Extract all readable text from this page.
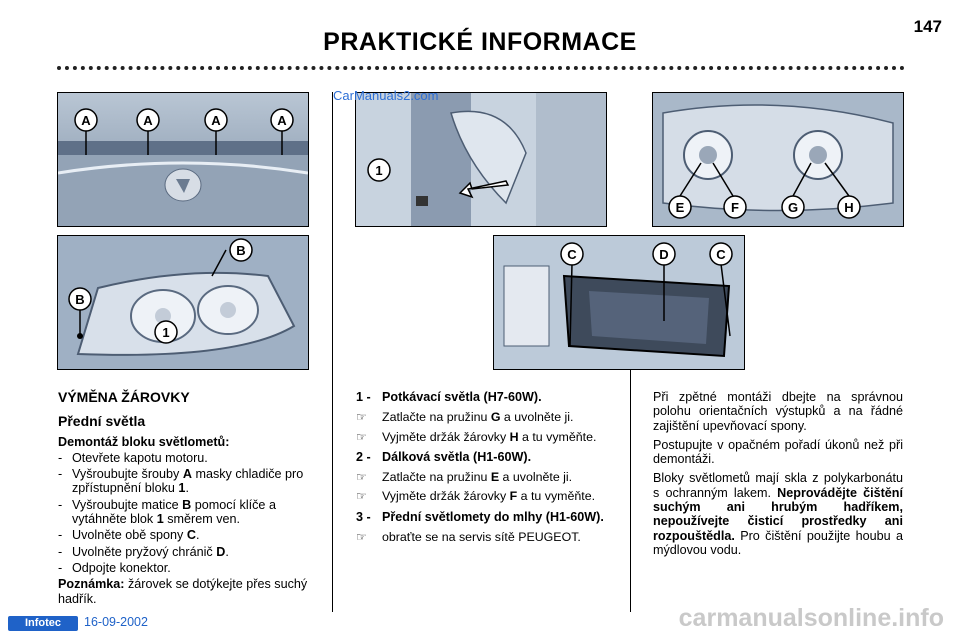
147
PRAKTICKÉ INFORMACE
A	A	A	A
B
B
1
1
E	F	G	H
C	D	C
CarManuals2.com
VÝMĚNA ŽÁROVKY
Přední světla
Demontáž bloku světlometů:
- Otevřete kapotu motoru.
- Vyšroubujte šrouby A masky chladiče pro zpřístupnění bloku 1.
- Vyšroubujte matice B pomocí klíče a vytáhněte blok 1 směrem ven.
- Uvolněte obě spony C.
- Uvolněte pryžový chránič D.
- Odpojte konektor.

Poznámka: žárovek se dotýkejte přes suchý hadřík.

1 - Potkávací světla (H7-60W).
☞	Zatlačte na pružinu G a uvolněte ji.
☞	Vyjměte držák žárovky H a tu vyměňte.
2 - Dálková světla (H1-60W).
☞	Zatlačte na pružinu E a uvolněte ji.
☞	Vyjměte držák žárovky F a tu vyměňte.
3 - Přední světlomety do mlhy (H1-60W).
☞	obraťte se na servis sítě PEUGEOT.

Při zpětné montáži dbejte na správnou polohu orientačních výstupků a na řádné zajištění upevňovací spony.

Postupujte v opačném pořadí úkonů než při demontáži.

Bloky světlometů mají skla z polykarbonátu s ochranným lakem. Neprovádějte čištění suchým ani hrubým hadříkem, nepoužívejte čisticí prostředky ani rozpouštědla. Pro čištění použijte houbu a mýdlovou vodu.

Infotec	16-09-2002	carmanualsonline.info
